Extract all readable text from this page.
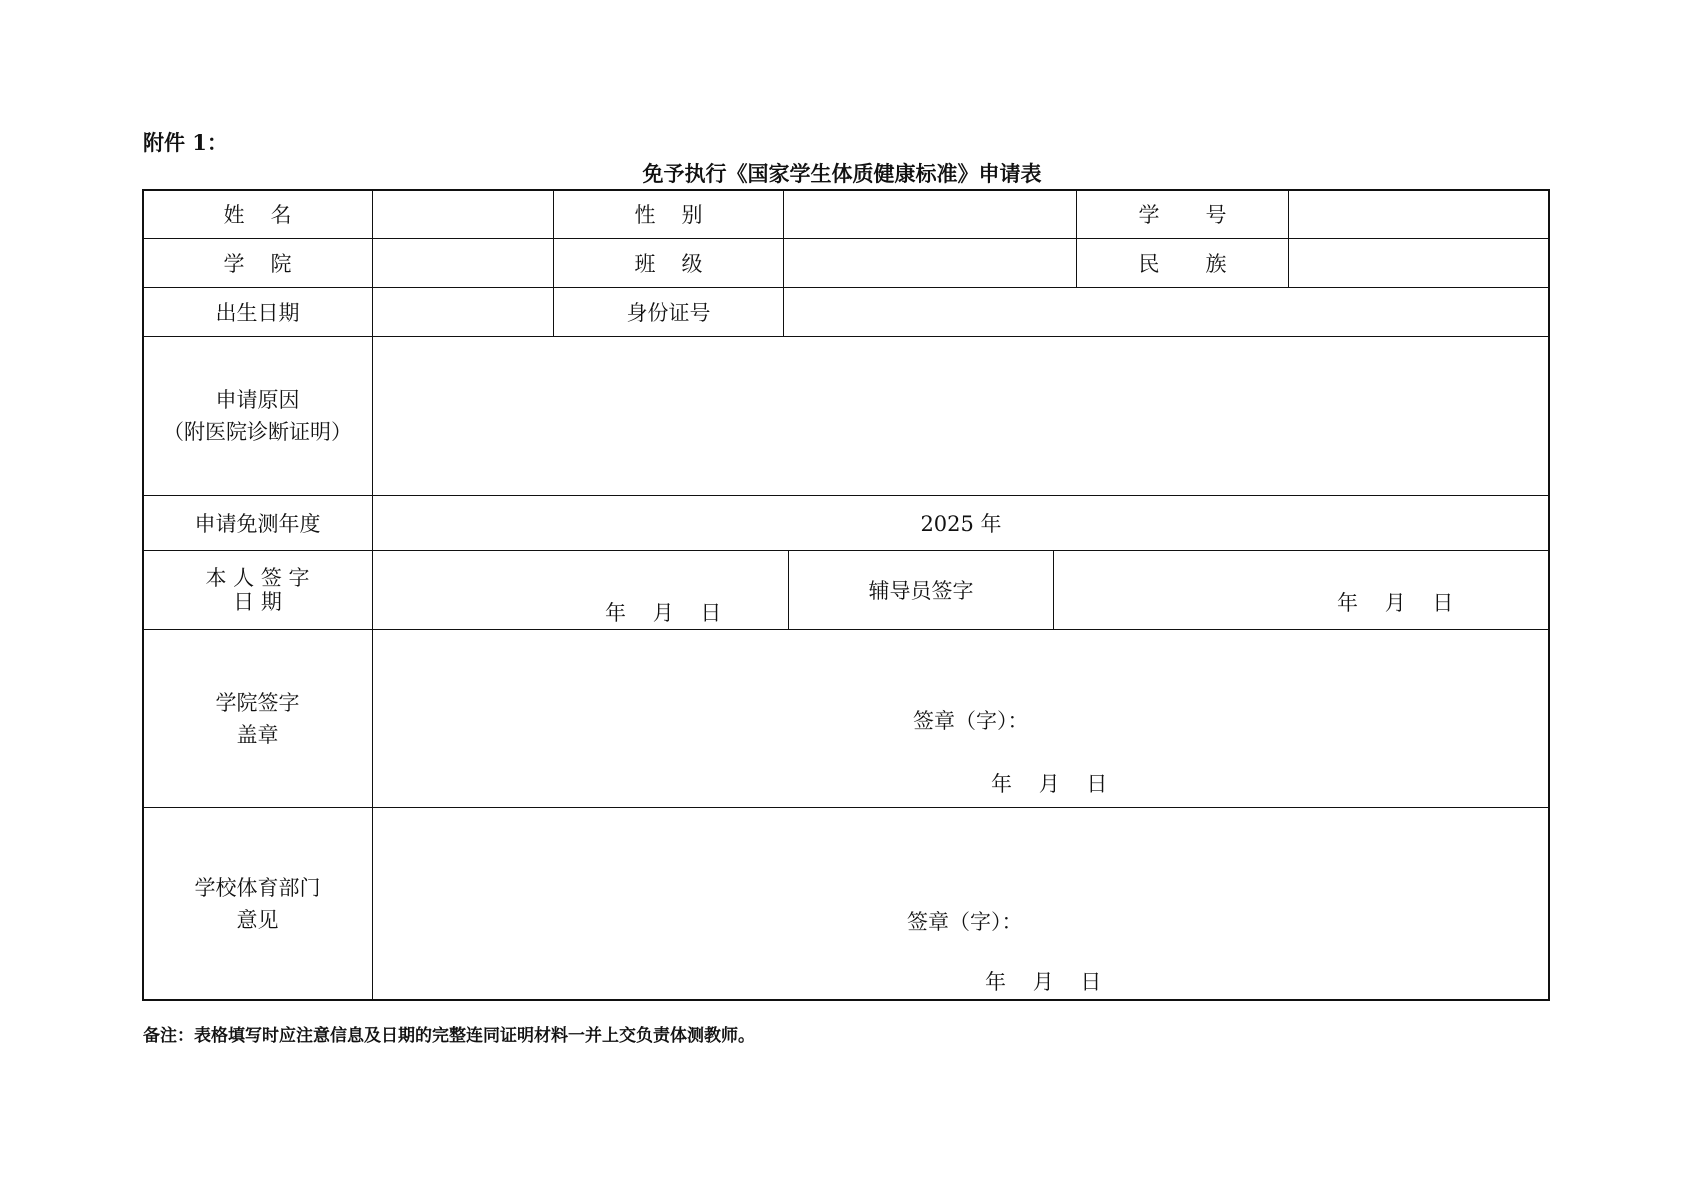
附件 1：
免予执行《国家学生体质健康标准》申请表
姓名	性别	学号
学院	班级	民族
出生日期	身份证号
申请原因
（附医院诊断证明）
申请免测年度	2025 年
本 人 签 字
日 期	年    月    日
辅导员签字	年    月    日
学院签字
盖章
签章（字）：
年    月    日
学校体育部门
意见	签章（字）：
年    月    日
备注：表格填写时应注意信息及日期的完整连同证明材料一并上交负责体测教师。
